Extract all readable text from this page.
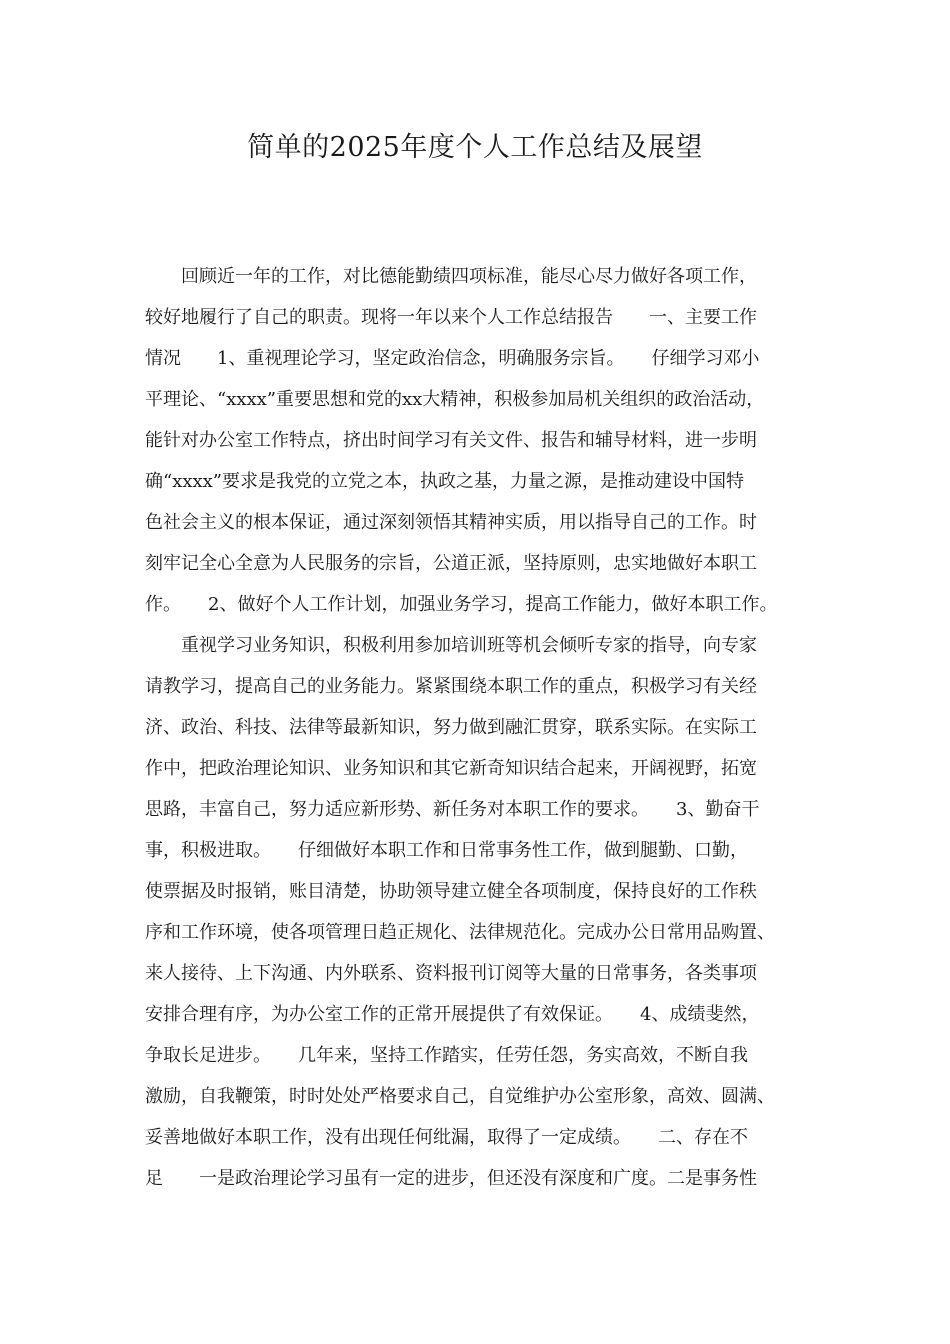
简单的2025年度个人工作总结及展望
　　回顾近一年的工作，对比德能勤绩四项标准，能尽心尽力做好各项工作，
较好地履行了自己的职责。现将一年以来个人工作总结报告　　一、主要工作
情况　　1、重视理论学习，坚定政治信念，明确服务宗旨。　　仔细学习邓小
平理论、“xxxx”重要思想和党的xx大精神，积极参加局机关组织的政治活动，
能针对办公室工作特点，挤出时间学习有关文件、报告和辅导材料，进一步明
确“xxxx”要求是我党的立党之本，执政之基，力量之源，是推动建设中国特
色社会主义的根本保证，通过深刻领悟其精神实质，用以指导自己的工作。时
刻牢记全心全意为人民服务的宗旨，公道正派，坚持原则，忠实地做好本职工
作。　　2、做好个人工作计划，加强业务学习，提高工作能力，做好本职工作。
　　重视学习业务知识，积极利用参加培训班等机会倾听专家的指导，向专家
请教学习，提高自己的业务能力。紧紧围绕本职工作的重点，积极学习有关经
济、政治、科技、法律等最新知识，努力做到融汇贯穿，联系实际。在实际工
作中，把政治理论知识、业务知识和其它新奇知识结合起来，开阔视野，拓宽
思路，丰富自己，努力适应新形势、新任务对本职工作的要求。　　3、勤奋干
事，积极进取。　　仔细做好本职工作和日常事务性工作，做到腿勤、口勤，
使票据及时报销，账目清楚，协助领导建立健全各项制度，保持良好的工作秩
序和工作环境，使各项管理日趋正规化、法律规范化。完成办公日常用品购置、
来人接待、上下沟通、内外联系、资料报刊订阅等大量的日常事务，各类事项
安排合理有序，为办公室工作的正常开展提供了有效保证。　　4、成绩斐然，
争取长足进步。　　几年来，坚持工作踏实，任劳任怨，务实高效，不断自我
激励，自我鞭策，时时处处严格要求自己，自觉维护办公室形象，高效、圆满、
妥善地做好本职工作，没有出现任何纰漏，取得了一定成绩。　　二、存在不
足　　一是政治理论学习虽有一定的进步，但还没有深度和广度。二是事务性
